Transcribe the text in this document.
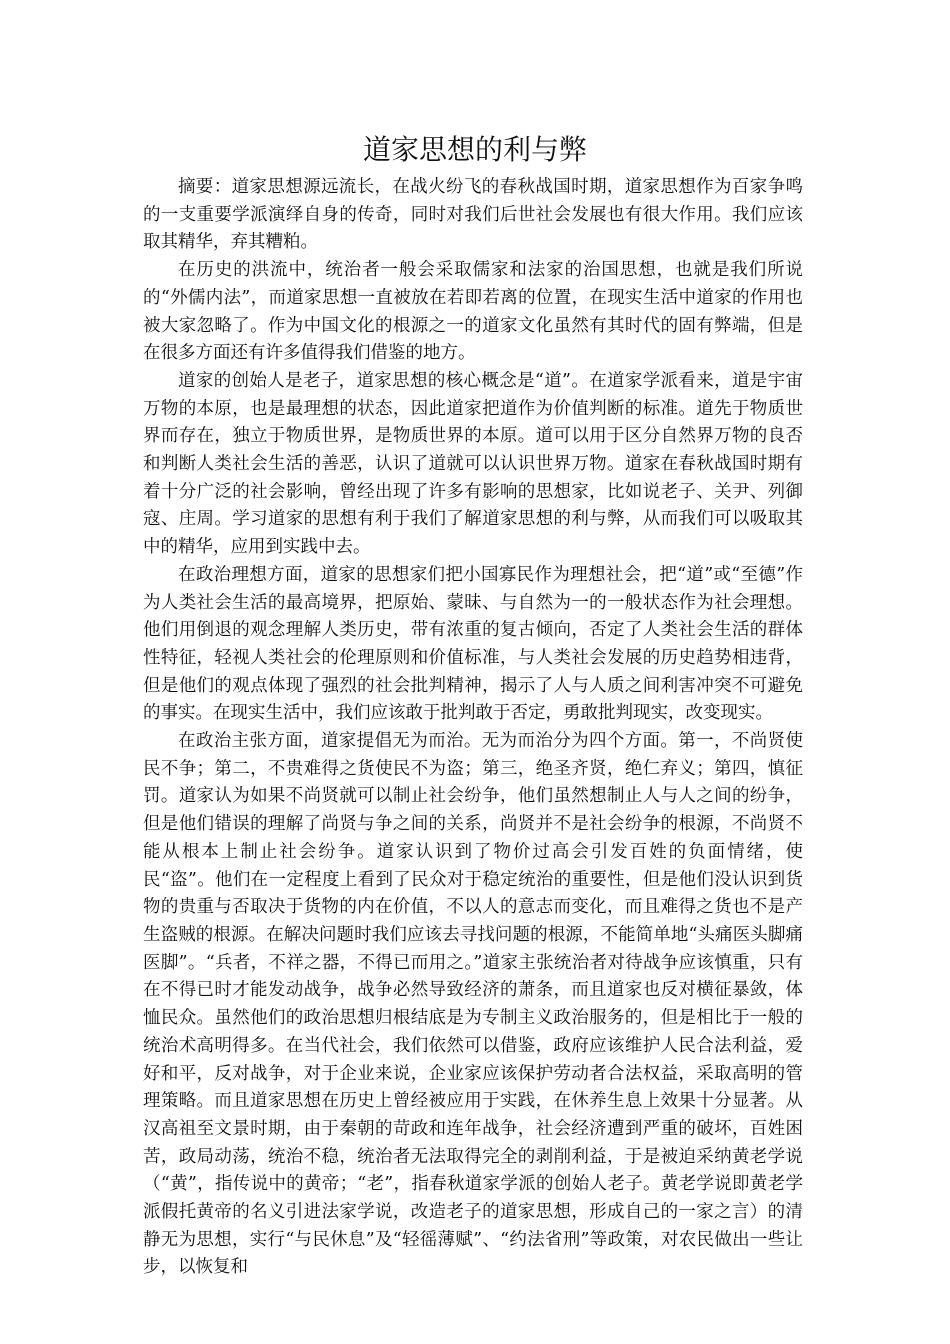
道家思想的利与弊

摘要：道家思想源远流长，在战火纷飞的春秋战国时期，道家思想作为百家争鸣的一支重要学派演绎自身的传奇，同时对我们后世社会发展也有很大作用。我们应该取其精华，弃其糟粕。

在历史的洪流中，统治者一般会采取儒家和法家的治国思想，也就是我们所说的“外儒内法”，而道家思想一直被放在若即若离的位置，在现实生活中道家的作用也被大家忽略了。作为中国文化的根源之一的道家文化虽然有其时代的固有弊端，但是在很多方面还有许多值得我们借鉴的地方。

道家的创始人是老子，道家思想的核心概念是“道”。在道家学派看来，道是宇宙万物的本原，也是最理想的状态，因此道家把道作为价值判断的标准。道先于物质世界而存在，独立于物质世界，是物质世界的本原。道可以用于区分自然界万物的良否和判断人类社会生活的善恶，认识了道就可以认识世界万物。道家在春秋战国时期有着十分广泛的社会影响，曾经出现了许多有影响的思想家，比如说老子、关尹、列御寇、庄周。学习道家的思想有利于我们了解道家思想的利与弊，从而我们可以吸取其中的精华，应用到实践中去。

在政治理想方面，道家的思想家们把小国寡民作为理想社会，把“道”或“至德”作为人类社会生活的最高境界，把原始、蒙昧、与自然为一的一般状态作为社会理想。他们用倒退的观念理解人类历史，带有浓重的复古倾向，否定了人类社会生活的群体性特征，轻视人类社会的伦理原则和价值标准，与人类社会发展的历史趋势相违背，但是他们的观点体现了强烈的社会批判精神，揭示了人与人质之间利害冲突不可避免的事实。在现实生活中，我们应该敢于批判敢于否定，勇敢批判现实，改变现实。

在政治主张方面，道家提倡无为而治。无为而治分为四个方面。第一，不尚贤使民不争；第二，不贵难得之货使民不为盗；第三，绝圣齐贤，绝仁弃义；第四，慎征罚。道家认为如果不尚贤就可以制止社会纷争，他们虽然想制止人与人之间的纷争，但是他们错误的理解了尚贤与争之间的关系，尚贤并不是社会纷争的根源，不尚贤不能从根本上制止社会纷争。道家认识到了物价过高会引发百姓的负面情绪，使民“盗”。他们在一定程度上看到了民众对于稳定统治的重要性，但是他们没认识到货物的贵重与否取决于货物的内在价值，不以人的意志而变化，而且难得之货也不是产生盗贼的根源。在解决问题时我们应该去寻找问题的根源，不能简单地“头痛医头脚痛医脚”。“兵者，不祥之器，不得已而用之。”道家主张统治者对待战争应该慎重，只有在不得已时才能发动战争，战争必然导致经济的萧条，而且道家也反对横征暴敛，体恤民众。虽然他们的政治思想归根结底是为专制主义政治服务的，但是相比于一般的统治术高明得多。在当代社会，我们依然可以借鉴，政府应该维护人民合法利益，爱好和平，反对战争，对于企业来说，企业家应该保护劳动者合法权益，采取高明的管理策略。而且道家思想在历史上曾经被应用于实践，在休养生息上效果十分显著。从汉高祖至文景时期，由于秦朝的苛政和连年战争，社会经济遭到严重的破坏，百姓困苦，政局动荡，统治不稳，统治者无法取得完全的剥削利益，于是被迫采纳黄老学说（“黄”，指传说中的黄帝；“老”，指春秋道家学派的创始人老子。黄老学说即黄老学派假托黄帝的名义引进法家学说，改造老子的道家思想，形成自己的一家之言）的清静无为思想，实行“与民休息”及“轻徭薄赋”、“约法省刑”等政策，对农民做出一些让步，以恢复和
